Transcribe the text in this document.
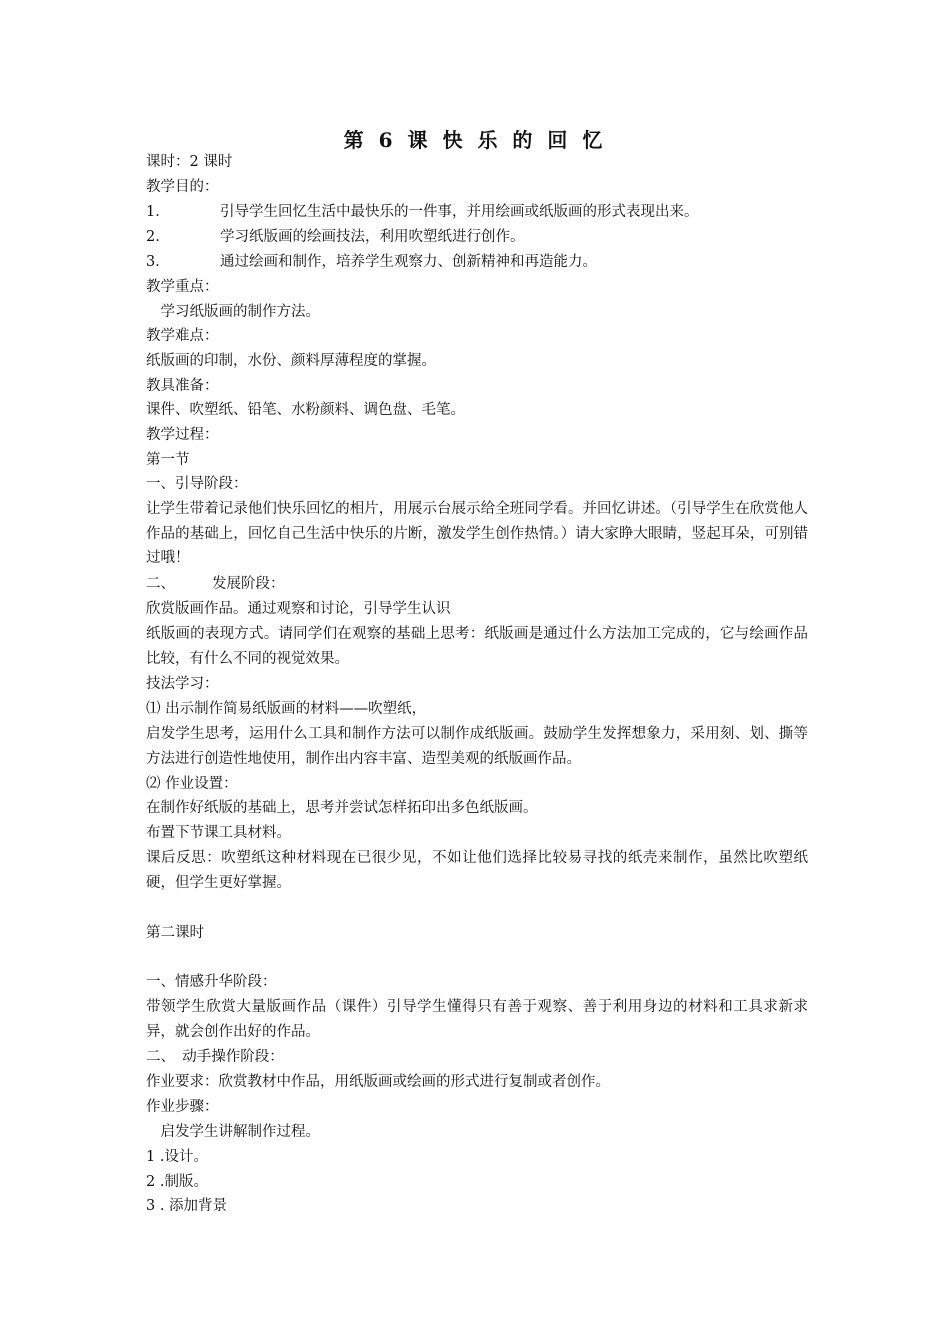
第 6 课 快 乐 的 回 忆
课时：2 课时
教学目的：
1．	引导学生回忆生活中最快乐的一件事，并用绘画或纸版画的形式表现出来。
2．	学习纸版画的绘画技法，利用吹塑纸进行创作。
3．	通过绘画和制作，培养学生观察力、创新精神和再造能力。
教学重点：
　学习纸版画的制作方法。
教学难点：
纸版画的印制，水份、颜料厚薄程度的掌握。
教具准备：
课件、吹塑纸、铅笔、水粉颜料、调色盘、毛笔。
教学过程：
第一节
一、引导阶段：
让学生带着记录他们快乐回忆的相片，用展示台展示给全班同学看。并回忆讲述。（引导学生在欣赏他人作品的基础上，回忆自己生活中快乐的片断，激发学生创作热情。）请大家睁大眼睛，竖起耳朵，可别错过哦！
二、	发展阶段：
欣赏版画作品。通过观察和讨论，引导学生认识
纸版画的表现方式。请同学们在观察的基础上思考：纸版画是通过什么方法加工完成的，它与绘画作品比较，有什么不同的视觉效果。
技法学习：
⑴ 出示制作简易纸版画的材料——吹塑纸，
启发学生思考，运用什么工具和制作方法可以制作成纸版画。鼓励学生发挥想象力，采用刻、划、撕等方法进行创造性地使用，制作出内容丰富、造型美观的纸版画作品。
⑵ 作业设置：
在制作好纸版的基础上，思考并尝试怎样拓印出多色纸版画。
布置下节课工具材料。
课后反思：吹塑纸这种材料现在已很少见，不如让他们选择比较易寻找的纸壳来制作，虽然比吹塑纸硬，但学生更好掌握。
第二课时
一、情感升华阶段：
带领学生欣赏大量版画作品（课件）引导学生懂得只有善于观察、善于利用身边的材料和工具求新求异，就会创作出好的作品。
二、　动手操作阶段：
作业要求：欣赏教材中作品，用纸版画或绘画的形式进行复制或者创作。
作业步骤：
　启发学生讲解制作过程。
1 .设计。
2 .制版。
3 . 添加背景
